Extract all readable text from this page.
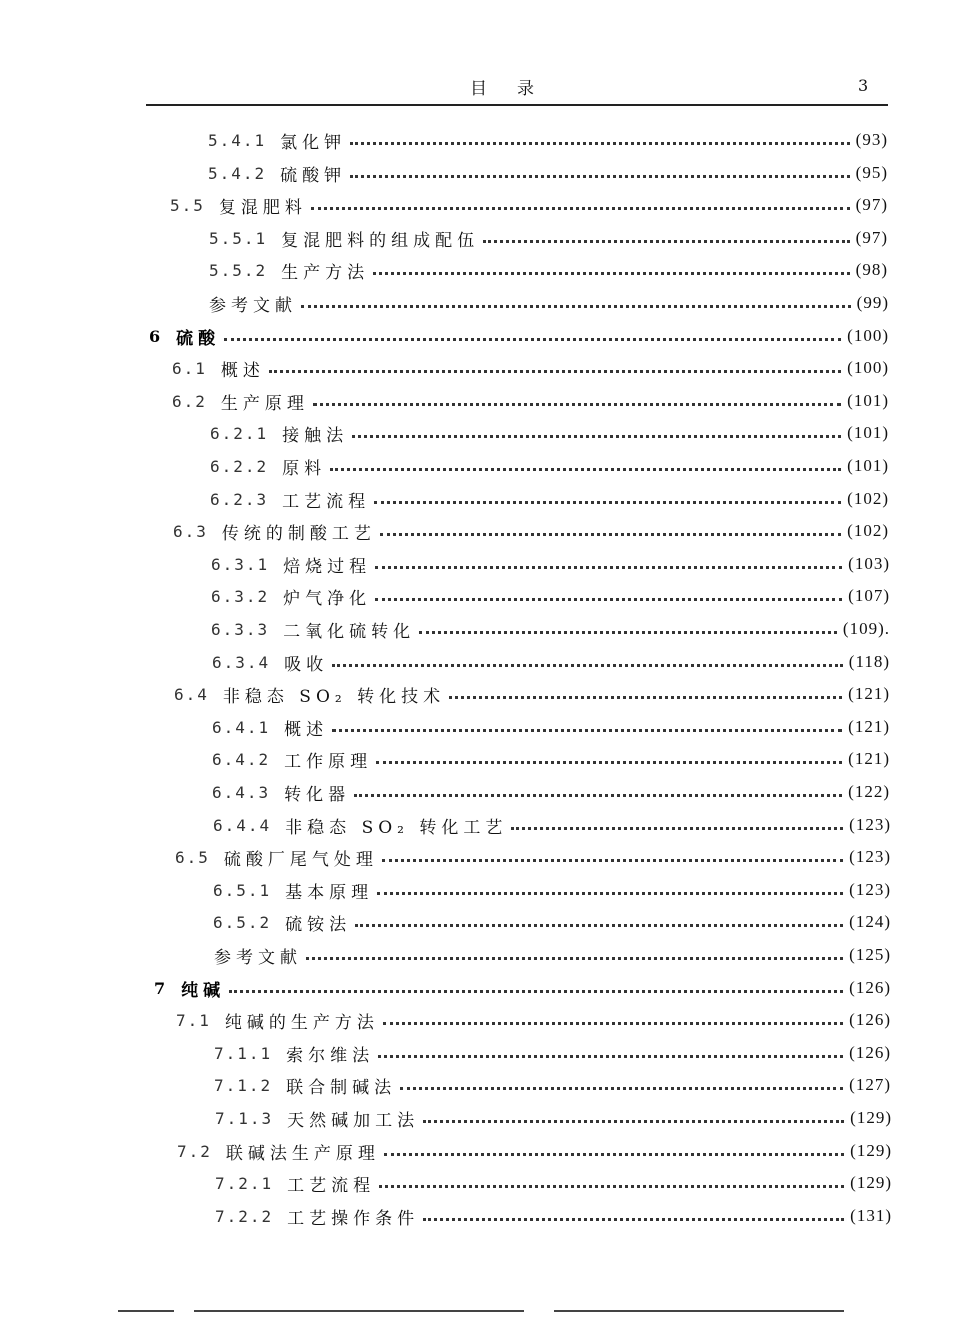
目录	3
5.4.1 氯化钾	(93)
5.4.2 硫酸钾	(95)
5.5 复混肥料	(97)
5.5.1 复混肥料的组成配伍	(97)
5.5.2 生产方法	(98)
参考文献	(99)
6 硫酸	(100)
6.1 概述	(100)
6.2 生产原理	(101)
6.2.1 接触法	(101)
6.2.2 原料	(101)
6.2.3 工艺流程	(102)
6.3 传统的制酸工艺	(102)
6.3.1 焙烧过程	(103)
6.3.2 炉气净化	(107)
6.3.3 二氧化硫转化	(109).
6.3.4 吸收	(118)
6.4 非稳态 SO₂ 转化技术	(121)
6.4.1 概述	(121)
6.4.2 工作原理	(121)
6.4.3 转化器	(122)
6.4.4 非稳态 SO₂ 转化工艺	(123)
6.5 硫酸厂尾气处理	(123)
6.5.1 基本原理	(123)
6.5.2 硫铵法	(124)
参考文献	(125)
7 纯碱	(126)
7.1 纯碱的生产方法	(126)
7.1.1 索尔维法	(126)
7.1.2 联合制碱法	(127)
7.1.3 天然碱加工法	(129)
7.2 联碱法生产原理	(129)
7.2.1 工艺流程	(129)
7.2.2 工艺操作条件	(131)
